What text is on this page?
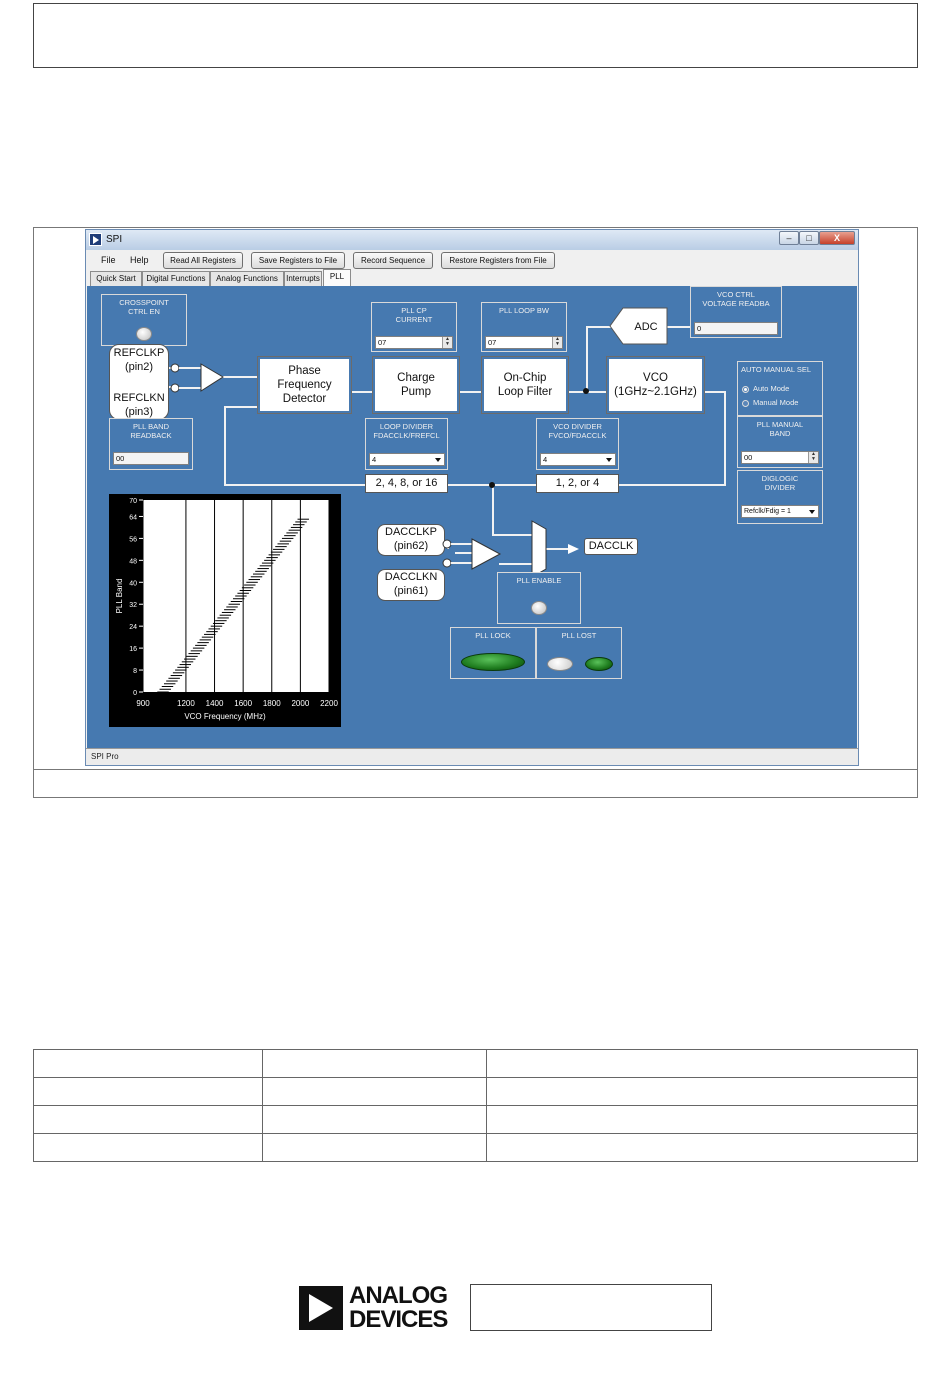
SPI	–	□	X
File Help	Read All Registers	Save Registers to File	Record Sequence	Restore Registers from File
Quick Start	Digital Functions	Analog Functions	Interrupts	PLL
CROSSPOINT
CTRL EN
REFCLKP
(pin2)
REFCLKN
(pin3)
Phase
Frequency
Detector
Charge
Pump
On-Chip
Loop Filter
VCO
(1GHz~2.1GHz)
ADC
PLL CP
CURRENT
07	▲
▼
PLL LOOP BW
07	▲
▼
VCO CTRL
VOLTAGE READBA
0
AUTO MANUAL SEL
Auto Mode
Manual Mode
PLL MANUAL
BAND
00	▲
▼
DIGLOGIC
DIVIDER
Refclk/Fdig = 1
PLL BAND
READBACK
00
LOOP DIVIDER
FDACCLK/FREFCL
4
2, 4, 8, or 16
VCO DIVIDER
FVCO/FDACCLK
4
1, 2, or 4
DACCLKP
(pin62)
DACCLKN
(pin61)
DACCLK
PLL ENABLE
PLL LOCK	PLL LOST
0
8
16
24
32
40
48
56
64
70
900	1200 1400 1600 1800 2000 2200
VCO Frequency (MHz)
PLL Band
SPI Pro

ANALOG
DEVICES
